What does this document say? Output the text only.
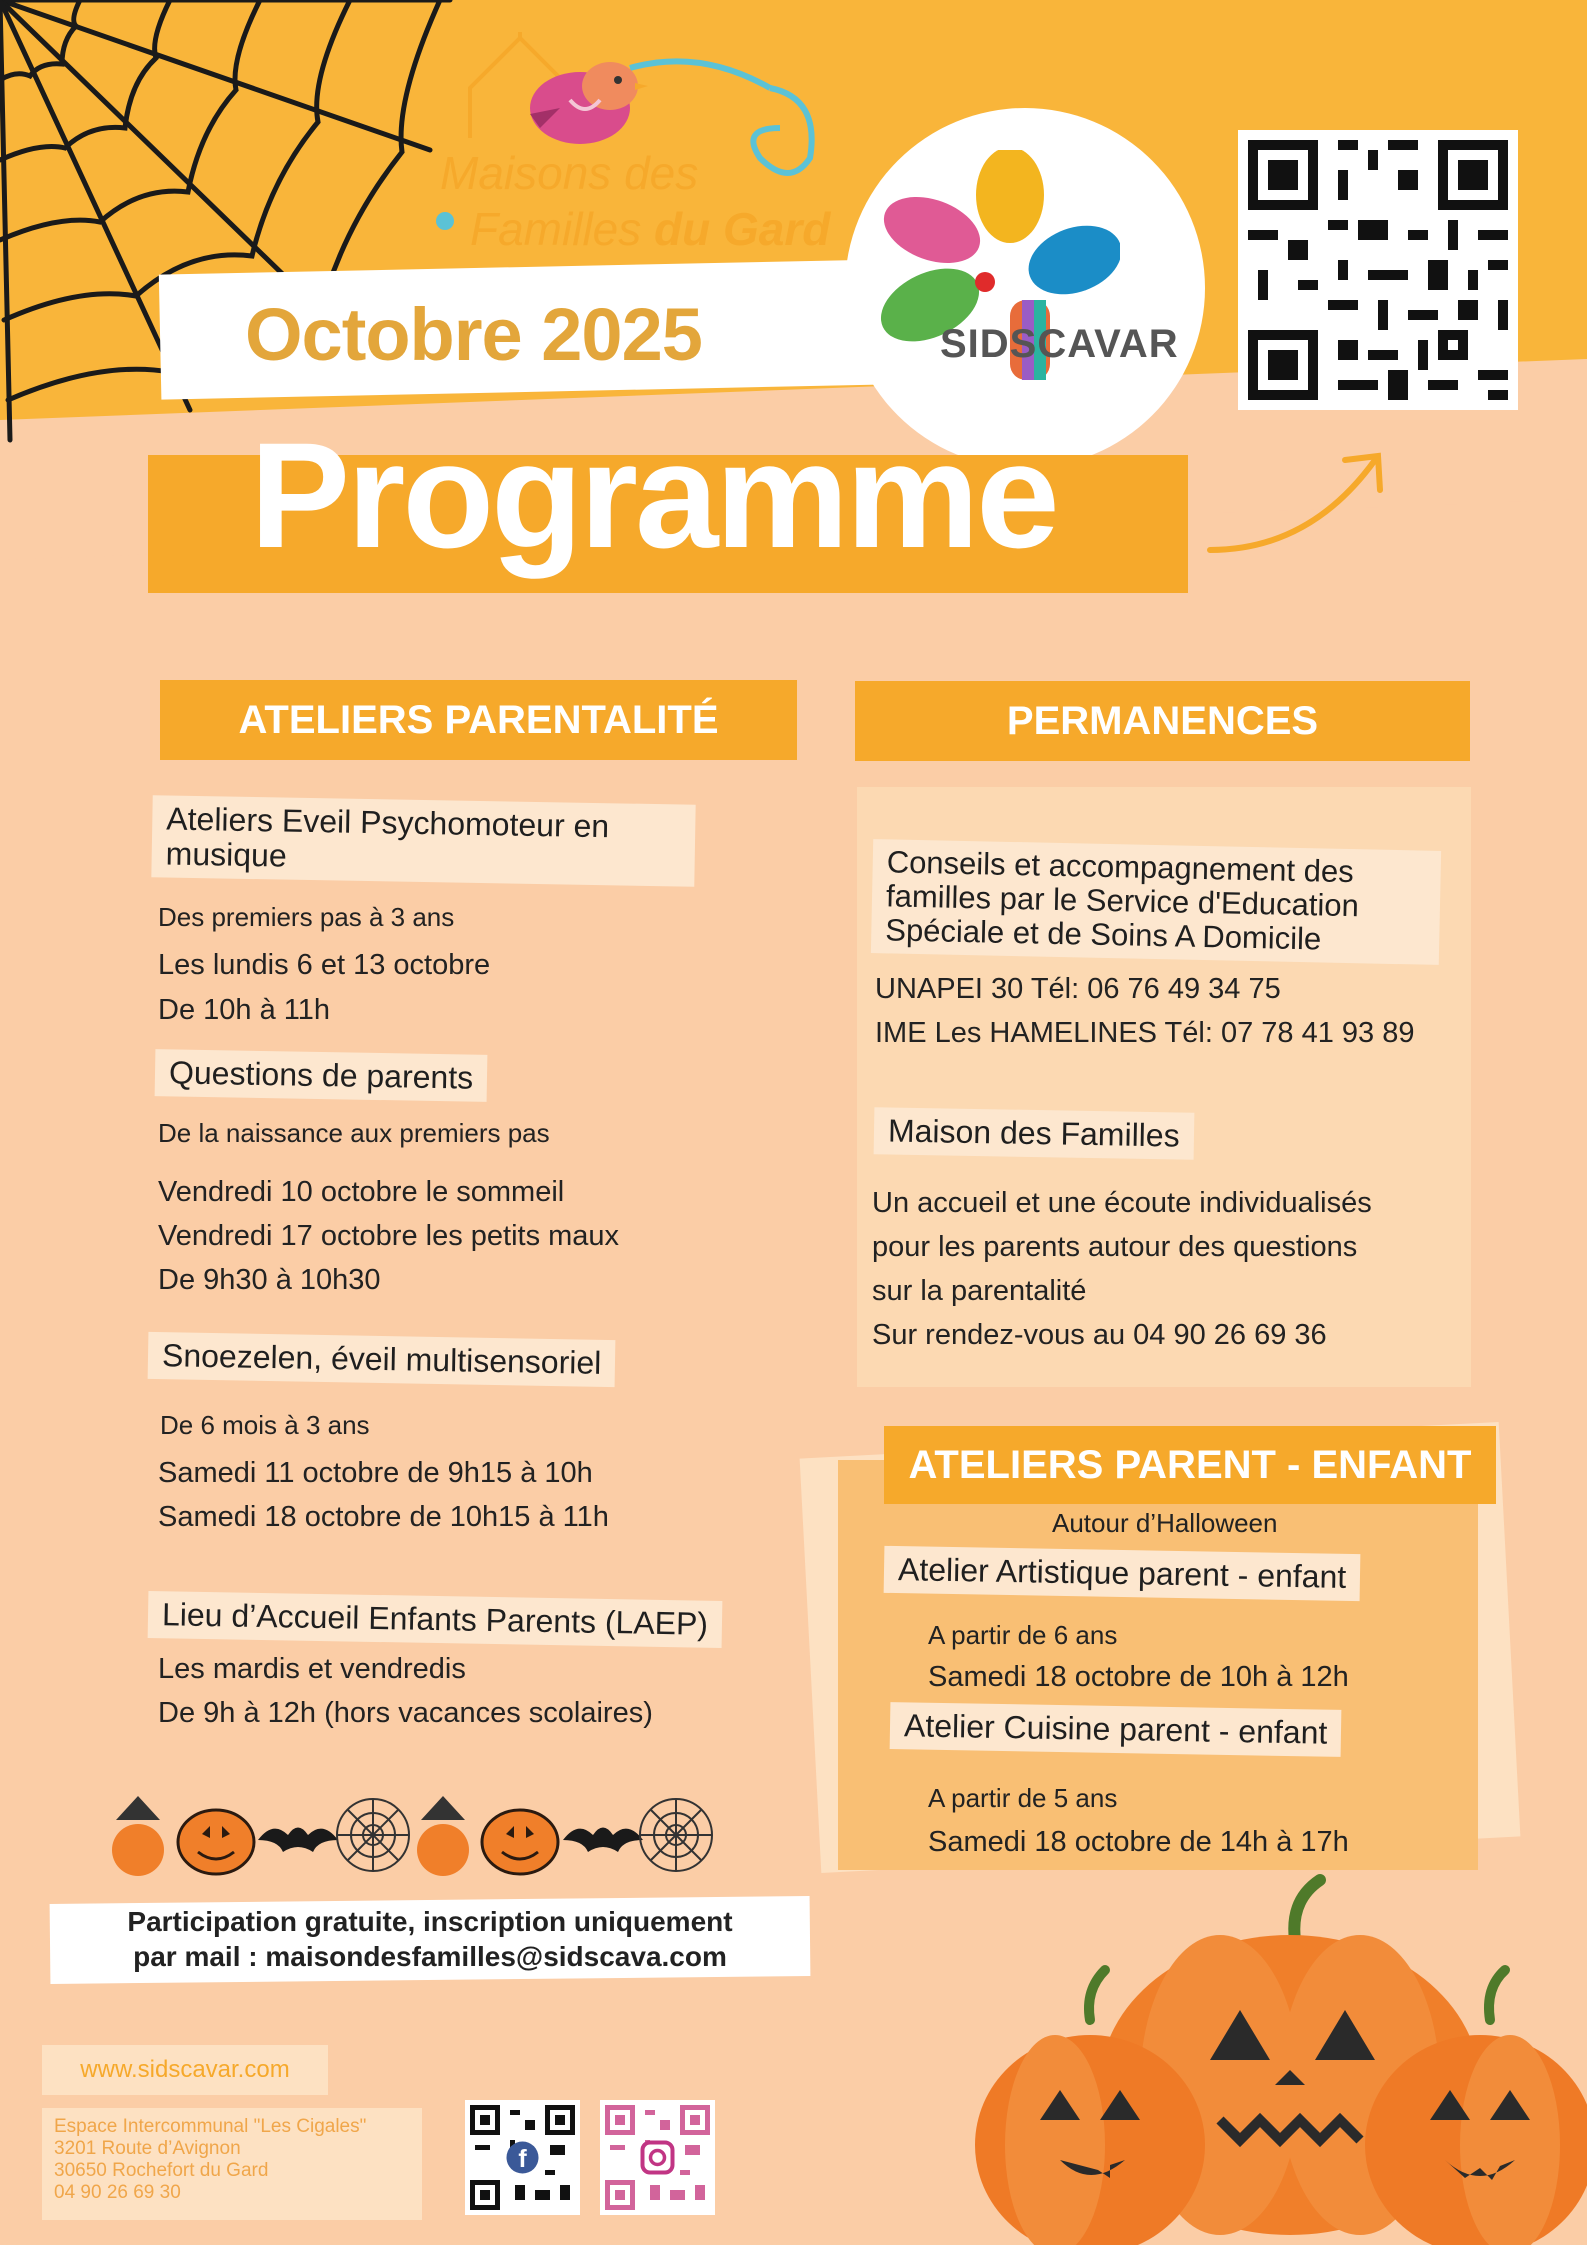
Maisons des
Familles du Gard
Octobre 2025	SIDSCAVAR
Programme
ATELIERS PARENTALITÉ
Ateliers Eveil Psychomoteur en musique
Des premiers pas à 3 ans
Les lundis 6 et 13 octobre
De 10h à 11h
Questions de parents
De la naissance aux premiers pas
Vendredi 10 octobre le sommeil
Vendredi 17 octobre les petits maux
De 9h30 à 10h30
Snoezelen, éveil multisensoriel
De 6 mois à 3 ans
Samedi 11 octobre de 9h15 à 10h
Samedi 18 octobre de 10h15 à 11h
Lieu d’Accueil Enfants Parents (LAEP)
Les mardis et vendredis
De 9h à 12h (hors vacances scolaires)
Participation gratuite, inscription uniquement
par mail : maisondesfamilles@sidscava.com
PERMANENCES
Conseils et accompagnement des familles par le Service d'Education Spéciale et de Soins A Domicile
UNAPEI 30 Tél: 06 76 49 34 75
IME Les HAMELINES Tél: 07 78 41 93 89
Maison des Familles
Un accueil et une écoute individualisés
pour les parents autour des questions
sur la parentalité
Sur rendez-vous au 04 90 26 69 36
ATELIERS PARENT - ENFANT
Autour d’Halloween
Atelier Artistique parent - enfant
A partir de 6 ans
Samedi 18 octobre de 10h à 12h
Atelier Cuisine parent - enfant
A partir de 5 ans
Samedi 18 octobre de 14h à 17h
www.sidscavar.com
Espace Intercommunal "Les Cigales"
3201 Route d’Avignon
30650 Rochefort du Gard
04 90 26 69 30
f
